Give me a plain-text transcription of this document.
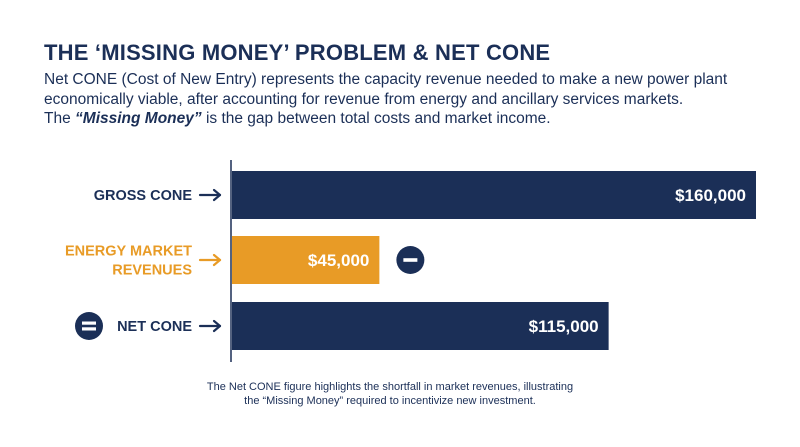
THE ‘MISSING MONEY’ PROBLEM & NET CONE
Net CONE (Cost of New Entry) represents the capacity revenue needed to make a new power plant economically viable, after accounting for revenue from energy and ancillary services markets.
The “Missing Money” is the gap between total costs and market income.
$160,000
GROSS CONE
$45,000
ENERGY MARKET REVENUES
$115,000
NET CONE
The Net CONE figure highlights the shortfall in market revenues, illustrating
the “Missing Money” required to incentivize new investment.
